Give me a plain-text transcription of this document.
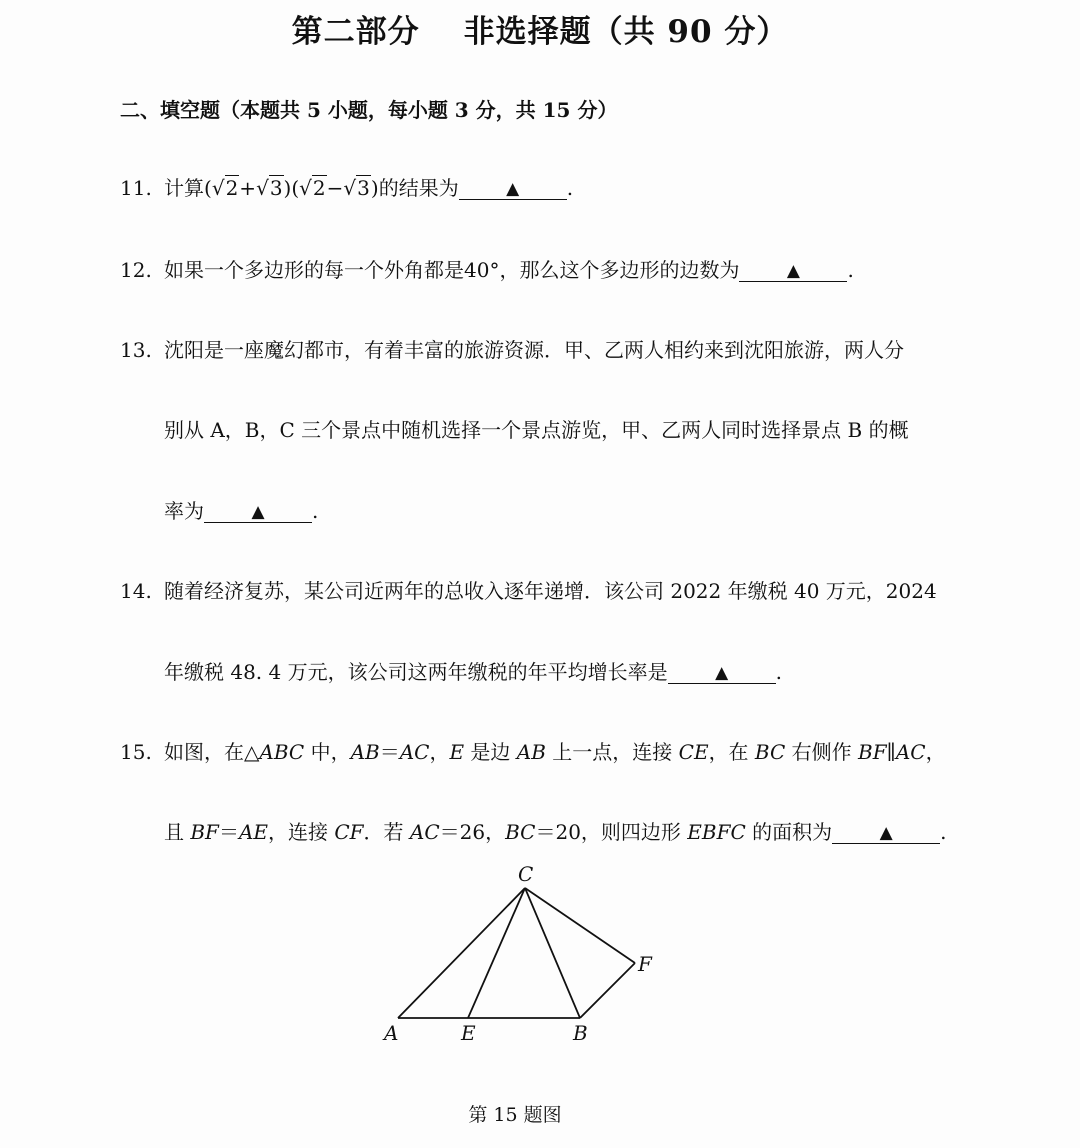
第二部分 非选择题（共 90 分）
二、填空题（本题共 5 小题，每小题 3 分，共 15 分）
11. 计算(√2+√3)(√2−√3)的结果为	▲ .
12. 如果一个多边形的每一个外角都是40°，那么这个多边形的边数为	▲ .
13. 沈阳是一座魔幻都市，有着丰富的旅游资源．甲、乙两人相约来到沈阳旅游，两人分
别从 A，B，C 三个景点中随机选择一个景点游览，甲、乙两人同时选择景点 B 的概
率为	▲ .
14. 随着经济复苏，某公司近两年的总收入逐年递增．该公司 2022 年缴税 40 万元，2024
年缴税 48. 4 万元，该公司这两年缴税的年平均增长率是	▲ .
15. 如图，在△ABC 中，AB＝AC，E 是边 AB 上一点，连接 CE，在 BC 右侧作 BF∥AC，
且 BF＝AE，连接 CF．若 AC＝26，BC＝20，则四边形 EBFC 的面积为	▲ .
C
F
A	E	B
第 15 题图
